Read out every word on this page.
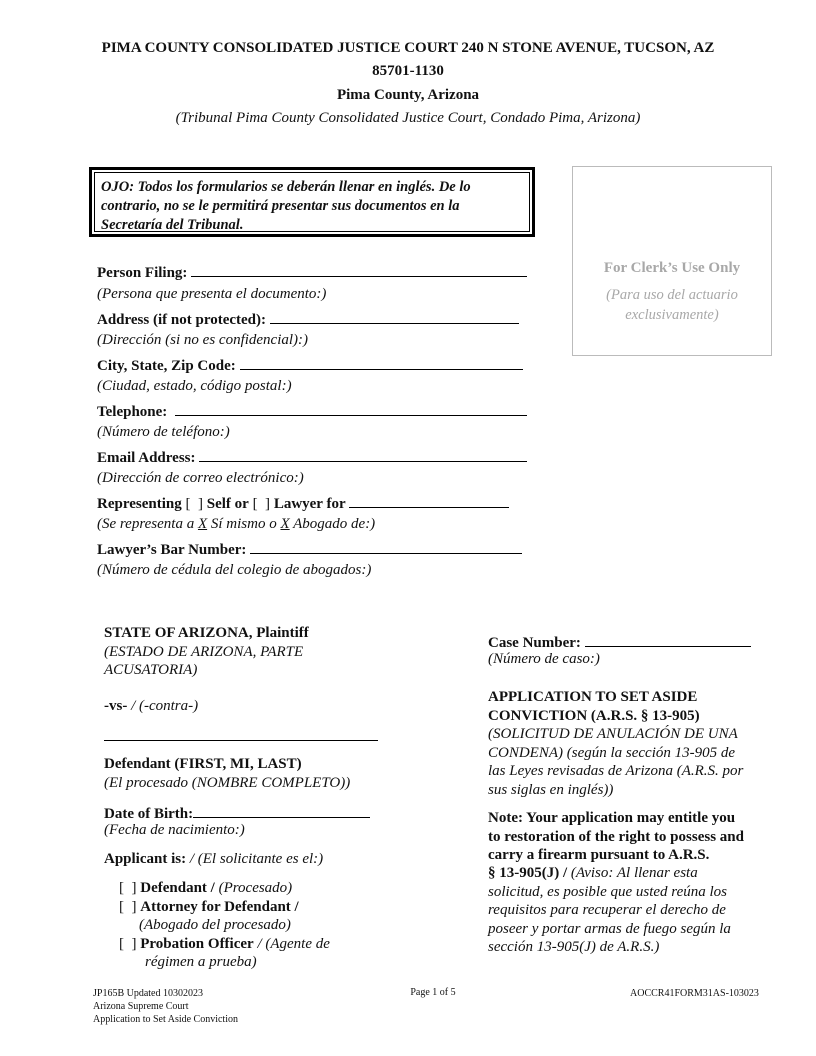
PIMA COUNTY CONSOLIDATED JUSTICE COURT 240 N STONE AVENUE, TUCSON, AZ
85701-1130
Pima County, Arizona
(Tribunal Pima County Consolidated Justice Court, Condado Pima, Arizona)
OJO: Todos los formularios se deberán llenar en inglés. De lo contrario, no se le permitirá presentar sus documentos en la Secretaría del Tribunal.
For Clerk’s Use Only
(Para uso del actuario exclusivamente)
Person Filing:
(Persona que presenta el documento:)
Address (if not protected):
(Dirección (si no es confidencial):)
City, State, Zip Code:
(Ciudad, estado, código postal:)
Telephone:
(Número de teléfono:)
Email Address:
(Dirección de correo electrónico:)
Representing [  ] Self or [  ] Lawyer for
(Se representa a X Sí mismo o X Abogado de:)
Lawyer’s Bar Number:
(Número de cédula del colegio de abogados:)
STATE OF ARIZONA, Plaintiff
(ESTADO DE ARIZONA, PARTE
ACUSATORIA)
-vs- / (-contra-)
Defendant (FIRST, MI, LAST)
(El procesado (NOMBRE COMPLETO))
Date of Birth:
(Fecha de nacimiento:)
Applicant is: / (El solicitante es el:)
[  ] Defendant / (Procesado)
[  ] Attorney for Defendant /
(Abogado del procesado)
[  ] Probation Officer / (Agente de
régimen a prueba)
Case Number:
(Número de caso:)
APPLICATION TO SET ASIDE
CONVICTION (A.R.S. § 13-905)
(SOLICITUD DE ANULACIÓN DE UNA
CONDENA) (según la sección 13-905 de
las Leyes revisadas de Arizona (A.R.S. por
sus siglas en inglés))
Note: Your application may entitle you
to restoration of the right to possess and
carry a firearm pursuant to A.R.S.
§ 13-905(J) / (Aviso: Al llenar esta
solicitud, es posible que usted reúna los
requisitos para recuperar el derecho de
poseer y portar armas de fuego según la
sección 13-905(J) de A.R.S.)
JP165B Updated 10302023
Arizona Supreme Court
Application to Set Aside Conviction
Page 1 of 5	AOCCR41FORM31AS-103023
